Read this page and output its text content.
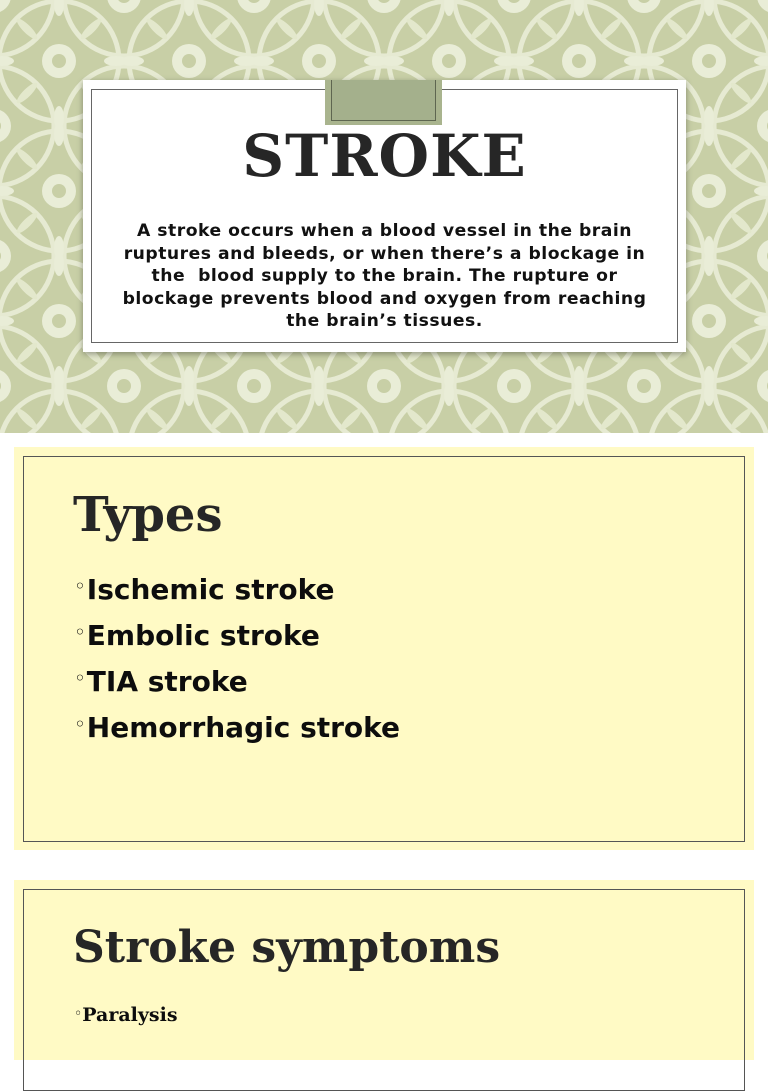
STROKE
A stroke occurs when a blood vessel in the brain
ruptures and bleeds, or when there’s a blockage in
the  blood supply to the brain. The rupture or
blockage prevents blood and oxygen from reaching
the brain’s tissues.
Types
◦Ischemic stroke
◦Embolic stroke
◦TIA stroke
◦Hemorrhagic stroke
Stroke symptoms
◦Paralysis
